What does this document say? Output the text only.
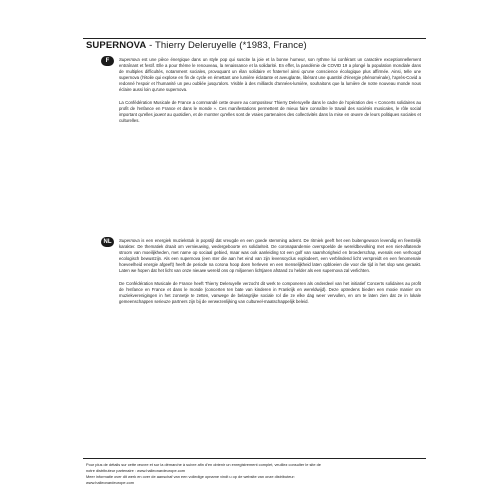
SUPERNOVA - Thierry Deleruyelle (*1983, France)
F	Supernova est une pièce énergique dans un style pop qui suscite la joie et la bonne humeur, son rythme lui conférant un caractère exceptionnellement entraînant et festif. Elle a pour thème le renouveau, la renaissance et la solidarité. En effet, la pandémie de COVID 19 a plongé la population mondiale dans de multiples difficultés, notamment sociales, provoquant un élan solidaire et fraternel ainsi qu'une conscience écologique plus affirmée. Ainsi, telle une supernova (l'étoile qui explose en fin de cycle en émettant une lumière éclatante et aveuglante, libérant une quantité d'énergie phénoménale), l'après-Covid a redonné l'espoir et l'humanité un peu oubliée jusqu'alors. Visible à des milliards d'années-lumière, souhaitons que la lumière de notre nouveau monde nous éclaire aussi loin qu'une supernova.

La Confédération Musicale de France a commandé cette œuvre au compositeur Thierry Deleruyelle dans le cadre de l'opération des « Concerts solidaires au profit de l'enfance en France et dans le monde ». Ces manifestations permettent de mieux faire connaître le travail des sociétés musicales, le rôle social important qu'elles jouent au quotidien, et de montrer qu'elles sont de vraies partenaires des collectivités dans la mise en œuvre de leurs politiques sociales et culturelles.

NL	Supernova is een energiek muziekstuk in popstijl dat vreugde en een goede stemming ademt. De ritmiek geeft het een buitengewoon levendig en feestelijk karakter. De thematiek draait om vernieuwing, wedergeboorte en solidariteit. De coronapandemie overspoelde de wereldbevolking met een niet-aflatende stroom van moeilijkheden, met name op sociaal gebied, maar was ook aanleiding tot een golf van saamhorigheid en broederschap, evenals een verhoogd ecologisch bewustzijn. Als een supernova (een ster die aan het eind van zijn levenscyclus explodeert, een verblindend licht verspreidt en een fenomenale hoeveelheid energie afgeeft) heeft de periode na corona hoop doen herleven en een menselijkheid laten opbloeien die voor die tijd in het slop was geraakt. Laten we hopen dat het licht van onze nieuwe wereld ons op miljoenen lichtjaren afstand zo helder als een supernova zal verlichten.

De Confédération Musicale de France heeft Thierry Deleruyelle verzocht dit werk te componeren als onderdeel van het initiatief Concerts solidaires au profit de l'enfance en France et dans le monde (concerten ten bate van kinderen in Frankrijk en wereldwijd). Deze optredens bieden een mooie manier om muziekverenigingen in het zonnetje te zetten, vanwege de belangrijke sociale rol die ze elke dag weer vervullen, en om te laten zien dat ze in lokale gemeenschappen serieuze partners zijn bij de verwezenlijking van cultureel-maatschappelijk beleid.

Pour plus de détails sur cette œuvre et sur la démarche à suivre afin d'en obtenir un enregistrement complet, veuillez consulter le site de
notre distributeur partenaire : www.halleonardeurope.com
Meer informatie over dit werk en over de aanschaf van een volledige opname vindt u op de website van onze distributeur:
www.halleonardeurope.com
